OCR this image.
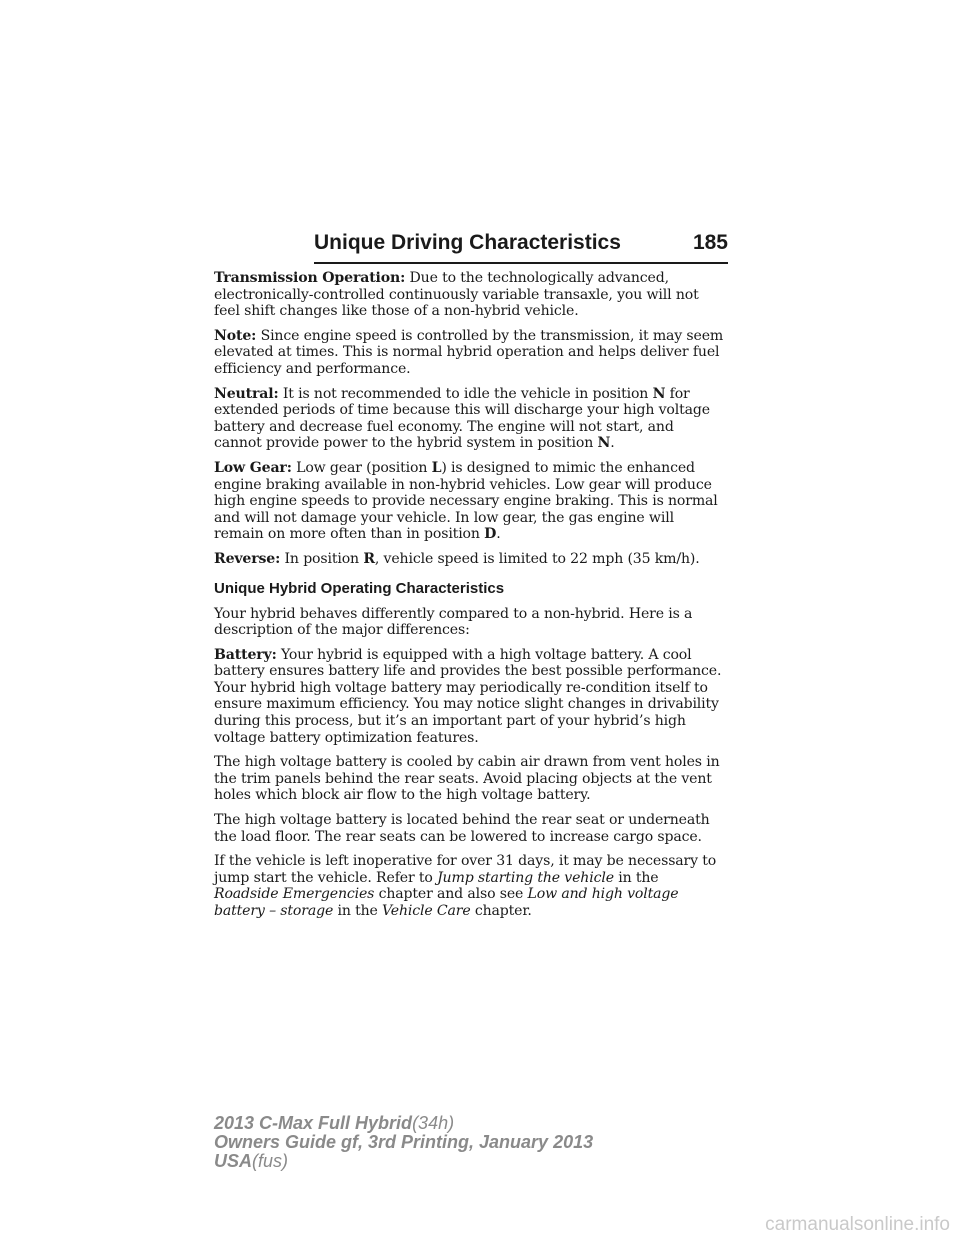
Unique Driving Characteristics	185

Transmission Operation: Due to the technologically advanced, electronically-controlled continuously variable transaxle, you will not feel shift changes like those of a non-hybrid vehicle.

Note: Since engine speed is controlled by the transmission, it may seem elevated at times. This is normal hybrid operation and helps deliver fuel efficiency and performance.

Neutral: It is not recommended to idle the vehicle in position N for extended periods of time because this will discharge your high voltage battery and decrease fuel economy. The engine will not start, and cannot provide power to the hybrid system in position N.

Low Gear: Low gear (position L) is designed to mimic the enhanced engine braking available in non-hybrid vehicles. Low gear will produce high engine speeds to provide necessary engine braking. This is normal and will not damage your vehicle. In low gear, the gas engine will remain on more often than in position D.

Reverse: In position R, vehicle speed is limited to 22 mph (35 km/h).

Unique Hybrid Operating Characteristics

Your hybrid behaves differently compared to a non-hybrid. Here is a description of the major differences:

Battery: Your hybrid is equipped with a high voltage battery. A cool battery ensures battery life and provides the best possible performance. Your hybrid high voltage battery may periodically re-condition itself to ensure maximum efficiency. You may notice slight changes in drivability during this process, but it’s an important part of your hybrid’s high voltage battery optimization features.

The high voltage battery is cooled by cabin air drawn from vent holes in the trim panels behind the rear seats. Avoid placing objects at the vent holes which block air flow to the high voltage battery.

The high voltage battery is located behind the rear seat or underneath the load floor. The rear seats can be lowered to increase cargo space.

If the vehicle is left inoperative for over 31 days, it may be necessary to jump start the vehicle. Refer to Jump starting the vehicle in the Roadside Emergencies chapter and also see Low and high voltage battery – storage in the Vehicle Care chapter.

2013 C-Max Full Hybrid(34h)
Owners Guide gf, 3rd Printing, January 2013
USA(fus)
carmanualsonline.info
